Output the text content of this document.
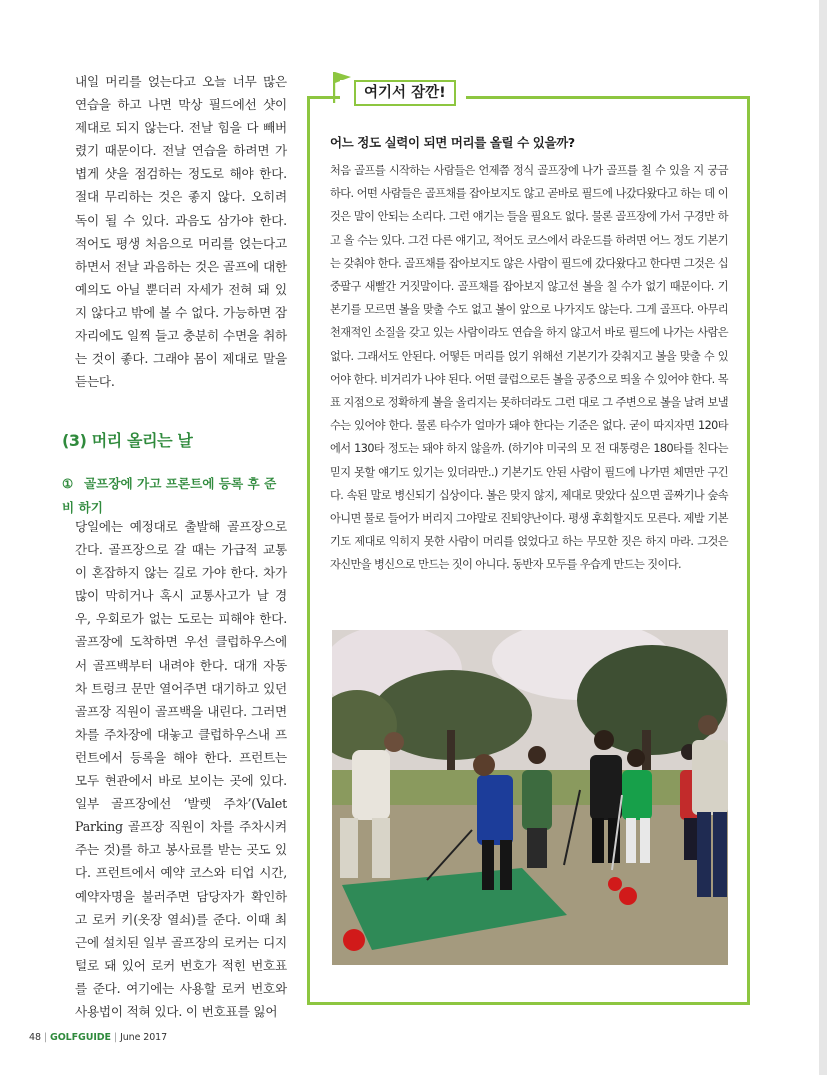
내일 머리를 얹는다고 오늘 너무 많은 연습을 하고 나면 막상 필드에선 샷이 제대로 되지 않는다. 전날 힘을 다 빼버렸기 때문이다. 전날 연습을 하려면 가볍게 샷을 점검하는 정도로 해야 한다. 절대 무리하는 것은 좋지 않다. 오히려 독이 될 수 있다. 과음도 삼가야 한다. 적어도 평생 처음으로 머리를 얹는다고 하면서 전날 과음하는 것은 골프에 대한 예의도 아닐 뿐더러 자세가 전혀 돼 있지 않다고 밖에 볼 수 없다. 가능하면 잠자리에도 일찍 들고 충분히 수면을 취하는 것이 좋다. 그래야 몸이 제대로 말을 듣는다.

(3) 머리 올리는 날
① 골프장에 가고 프론트에 등록 후 준비 하기

당일에는 예정대로 출발해 골프장으로 간다. 골프장으로 갈 때는 가급적 교통이 혼잡하지 않는 길로 가야 한다. 차가 많이 막히거나 혹시 교통사고가 날 경우, 우회로가 없는 도로는 피해야 한다. 골프장에 도착하면 우선 클럽하우스에서 골프백부터 내려야 한다. 대개 자동차 트렁크 문만 열어주면 대기하고 있던 골프장 직원이 골프백을 내린다. 그러면 차를 주차장에 대놓고 클럽하우스내 프런트에서 등록을 해야 한다. 프런트는 모두 현관에서 바로 보이는 곳에 있다. 일부 골프장에선 ‘발렛 주차’(Valet Parking 골프장 직원이 차를 주차시켜 주는 것)를 하고 봉사료를 받는 곳도 있다. 프런트에서 예약 코스와 티업 시간, 예약자명을 불러주면 담당자가 확인하고 로커 키(옷장 열쇠)를 준다. 이때 최근에 설치된 일부 골프장의 로커는 디지털로 돼 있어 로커 번호가 적힌 번호표를 준다. 여기에는 사용할 로커 번호와 사용법이 적혀 있다. 이 번호표를 잃어

여기서 잠깐!

어느 정도 실력이 되면 머리를 올릴 수 있을까?

처음 골프를 시작하는 사람들은 언제쯤 정식 골프장에 나가 골프를 칠 수 있을 지 궁금하다. 어떤 사람들은 골프채를 잡아보지도 않고 곧바로 필드에 나갔다왔다고 하는 데 이것은 말이 안되는 소리다. 그런 얘기는 들을 필요도 없다. 물론 골프장에 가서 구경만 하고 올 수는 있다. 그건 다른 얘기고, 적어도 코스에서 라운드를 하려면 어느 정도 기본기는 갖춰야 한다. 골프채를 잡아보지도 않은 사람이 필드에 갔다왔다고 한다면 그것은 십중팔구 새빨간 거짓말이다. 골프채를 잡아보지 않고선 볼을 칠 수가 없기 때문이다. 기본기를 모르면 볼을 맞출 수도 없고 볼이 앞으로 나가지도 않는다. 그게 골프다. 아무리 천재적인 소질을 갖고 있는 사람이라도 연습을 하지 않고서 바로 필드에 나가는 사람은 없다. 그래서도 안된다. 어떻든 머리를 얹기 위해선 기본기가 갖춰지고 볼을 맞출 수 있어야 한다. 비거리가 나야 된다. 어떤 클럽으로든 볼을 공중으로 띄울 수 있어야 한다. 목표 지점으로 정확하게 볼을 올리지는 못하더라도 그런 대로 그 주변으로 볼을 날려 보낼 수는 있어야 한다. 물론 타수가 얼마가 돼야 한다는 기준은 없다. 굳이 따지자면 120타에서 130타 정도는 돼야 하지 않을까. (하기야 미국의 모 전 대통령은 180타를 친다는 믿지 못할 얘기도 있기는 있더라만..) 기본기도 안된 사람이 필드에 나가면 체면만 구긴다. 속된 말로 병신되기 십상이다. 볼은 맞지 않지, 제대로 맞았다 싶으면 골짜기나 숲속 아니면 물로 들어가 버리지 그야말로 진퇴양난이다. 평생 후회할지도 모른다. 제발 기본기도 제대로 익히지 못한 사람이 머리를 얹었다고 하는 무모한 짓은 하지 마라. 그것은 자신만을 병신으로 만드는 짓이 아니다. 동반자 모두를 우습게 만드는 짓이다.

48 | GOLFGUIDE | June 2017
